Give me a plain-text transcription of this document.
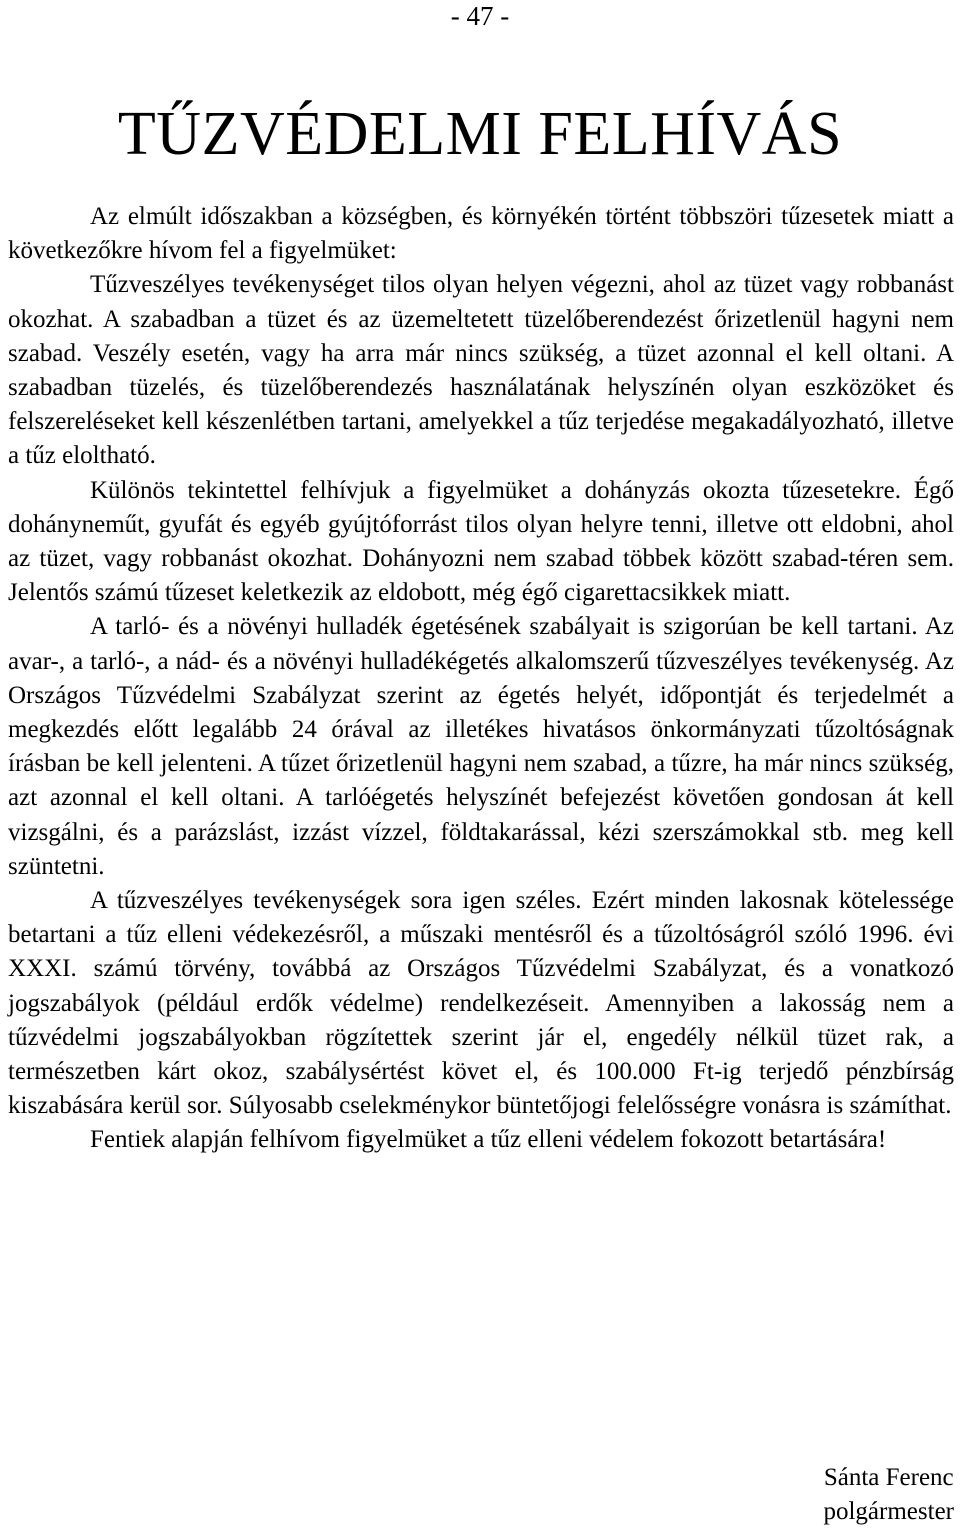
- 47 -
TŰZVÉDELMI FELHÍVÁS

Az elmúlt időszakban a községben, és környékén történt többszöri tűzesetek miatt a következőkre hívom fel a figyelmüket:

Tűzveszélyes tevékenységet tilos olyan helyen végezni, ahol az tüzet vagy robbanást okozhat. A szabadban a tüzet és az üzemeltetett tüzelőberendezést őrizetlenül hagyni nem szabad. Veszély esetén, vagy ha arra már nincs szükség, a tüzet azonnal el kell oltani. A szabadban tüzelés, és tüzelőberendezés használatának helyszínén olyan eszközöket és felszereléseket kell készenlétben tartani, amelyekkel a tűz terjedése megakadályozható, illetve a tűz eloltható.

Különös tekintettel felhívjuk a figyelmüket a dohányzás okozta tűzesetekre. Égő dohánynemű​t, gyufát és egyéb gyújtóforrást tilos olyan helyre tenni, illetve ott eldobni, ahol az tüzet, vagy robbanást okozhat. Dohányozni nem szabad többek között szabad-téren sem. Jelentős számú tűzeset keletkezik az eldobott, még égő cigarettacsikkek miatt.

A tarló- és a növényi hulladék égetésének szabályait is szigorúan be kell tartani. Az avar-, a tarló-, a nád- és a növényi hulladékégetés alkalomszerű tűzveszélyes tevékenység. Az Országos Tűzvédelmi Szabályzat szerint az égetés helyét, időpontját és terjedelmét a megkezdés előtt legalább 24 órával az illetékes hivatásos önkormányzati tűzoltóságnak írásban be kell jelenteni. A tűzet őrizetlenül hagyni nem szabad, a tűzre, ha már nincs szükség, azt azonnal el kell oltani. A tarlóégetés helyszínét befejezést követően gondosan át kell vizsgálni, és a parázslást, izzást vízzel, földtakarással, kézi szerszámokkal stb. meg kell szüntetni.

A tűzveszélyes tevékenységek sora igen széles. Ezért minden lakosnak kötelessége betartani a tűz elleni védekezésről, a műszaki mentésről és a tűzoltóságról szóló 1996. évi XXXI. számú törvény, továbbá az Országos Tűzvédelmi Szabályzat, és a vonatkozó jogszabályok (például erdők védelme) rendelkezéseit. Amennyiben a lakosság nem a tűzvédelmi jogszabályokban rögzítettek szerint jár el, engedély nélkül tüzet rak, a természetben kárt okoz, szabálysértést követ el, és 100.000 Ft-ig terjedő pénzbírság kiszabására kerül sor. Súlyosabb cselekménykor büntetőjogi felelősségre vonásra is számíthat.

Fentiek alapján felhívom figyelmüket a tűz elleni védelem fokozott betartására!

Sánta Ferenc
polgármester
